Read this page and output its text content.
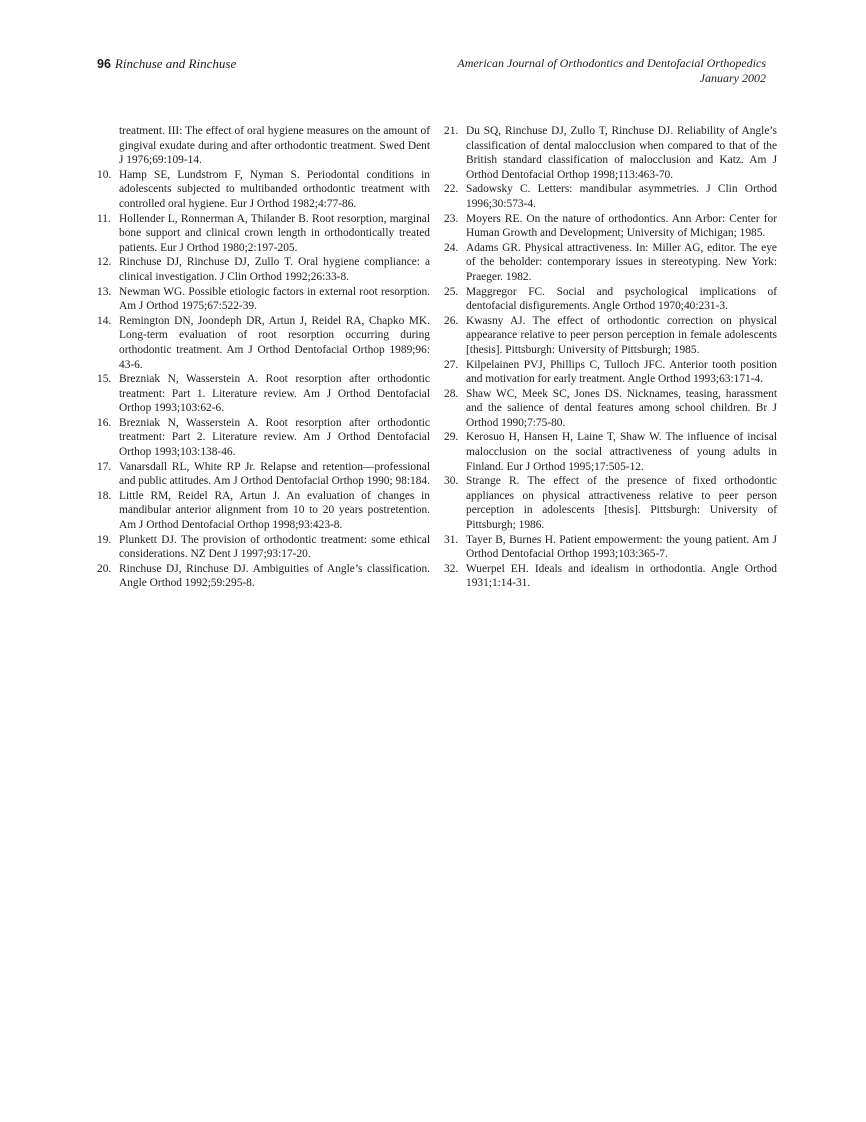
96 Rinchuse and Rinchuse	American Journal of Orthodontics and Dentofacial Orthopedics
January 2002
treatment. III: The effect of oral hygiene measures on the amount of gingival exudate during and after orthodontic treatment. Swed Dent J 1976;69:109-14.
10. Hamp SE, Lundstrom F, Nyman S. Periodontal conditions in adolescents subjected to multibanded orthodontic treatment with controlled oral hygiene. Eur J Orthod 1982;4:77-86.
11. Hollender L, Ronnerman A, Thilander B. Root resorption, marginal bone support and clinical crown length in orthodontically treated patients. Eur J Orthod 1980;2:197-205.
12. Rinchuse DJ, Rinchuse DJ, Zullo T. Oral hygiene compliance: a clinical investigation. J Clin Orthod 1992;26:33-8.
13. Newman WG. Possible etiologic factors in external root resorption. Am J Orthod 1975;67:522-39.
14. Remington DN, Joondeph DR, Artun J, Reidel RA, Chapko MK. Long-term evaluation of root resorption occurring during orthodontic treatment. Am J Orthod Dentofacial Orthop 1989;96: 43-6.
15. Brezniak N, Wasserstein A. Root resorption after orthodontic treatment: Part 1. Literature review. Am J Orthod Dentofacial Orthop 1993;103:62-6.
16. Brezniak N, Wasserstein A. Root resorption after orthodontic treatment: Part 2. Literature review. Am J Orthod Dentofacial Orthop 1993;103:138-46.
17. Vanarsdall RL, White RP Jr. Relapse and retention—professional and public attitudes. Am J Orthod Dentofacial Orthop 1990; 98:184.
18. Little RM, Reidel RA, Artun J. An evaluation of changes in mandibular anterior alignment from 10 to 20 years postretention. Am J Orthod Dentofacial Orthop 1998;93:423-8.
19. Plunkett DJ. The provision of orthodontic treatment: some ethical considerations. NZ Dent J 1997;93:17-20.
20. Rinchuse DJ, Rinchuse DJ. Ambiguities of Angle’s classification. Angle Orthod 1992;59:295-8.
21. Du SQ, Rinchuse DJ, Zullo T, Rinchuse DJ. Reliability of Angle’s classification of dental malocclusion when compared to that of the British standard classification of malocclusion and Katz. Am J Orthod Dentofacial Orthop 1998;113:463-70.
22. Sadowsky C. Letters: mandibular asymmetries. J Clin Orthod 1996;30:573-4.
23. Moyers RE. On the nature of orthodontics. Ann Arbor: Center for Human Growth and Development; University of Michigan; 1985.
24. Adams GR. Physical attractiveness. In: Miller AG, editor. The eye of the beholder: contemporary issues in stereotyping. New York: Praeger. 1982.
25. Maggregor FC. Social and psychological implications of dentofacial disfigurements. Angle Orthod 1970;40:231-3.
26. Kwasny AJ. The effect of orthodontic correction on physical appearance relative to peer person perception in female adolescents [thesis]. Pittsburgh: University of Pittsburgh; 1985.
27. Kilpelainen PVJ, Phillips C, Tulloch JFC. Anterior tooth position and motivation for early treatment. Angle Orthod 1993;63:171-4.
28. Shaw WC, Meek SC, Jones DS. Nicknames, teasing, harassment and the salience of dental features among school children. Br J Orthod 1990;7:75-80.
29. Kerosuo H, Hansen H, Laine T, Shaw W. The influence of incisal malocclusion on the social attractiveness of young adults in Finland. Eur J Orthod 1995;17:505-12.
30. Strange R. The effect of the presence of fixed orthodontic appliances on physical attractiveness relative to peer person perception in adolescents [thesis]. Pittsburgh: University of Pittsburgh; 1986.
31. Tayer B, Burnes H. Patient empowerment: the young patient. Am J Orthod Dentofacial Orthop 1993;103:365-7.
32. Wuerpel EH. Ideals and idealism in orthodontia. Angle Orthod 1931;1:14-31.
